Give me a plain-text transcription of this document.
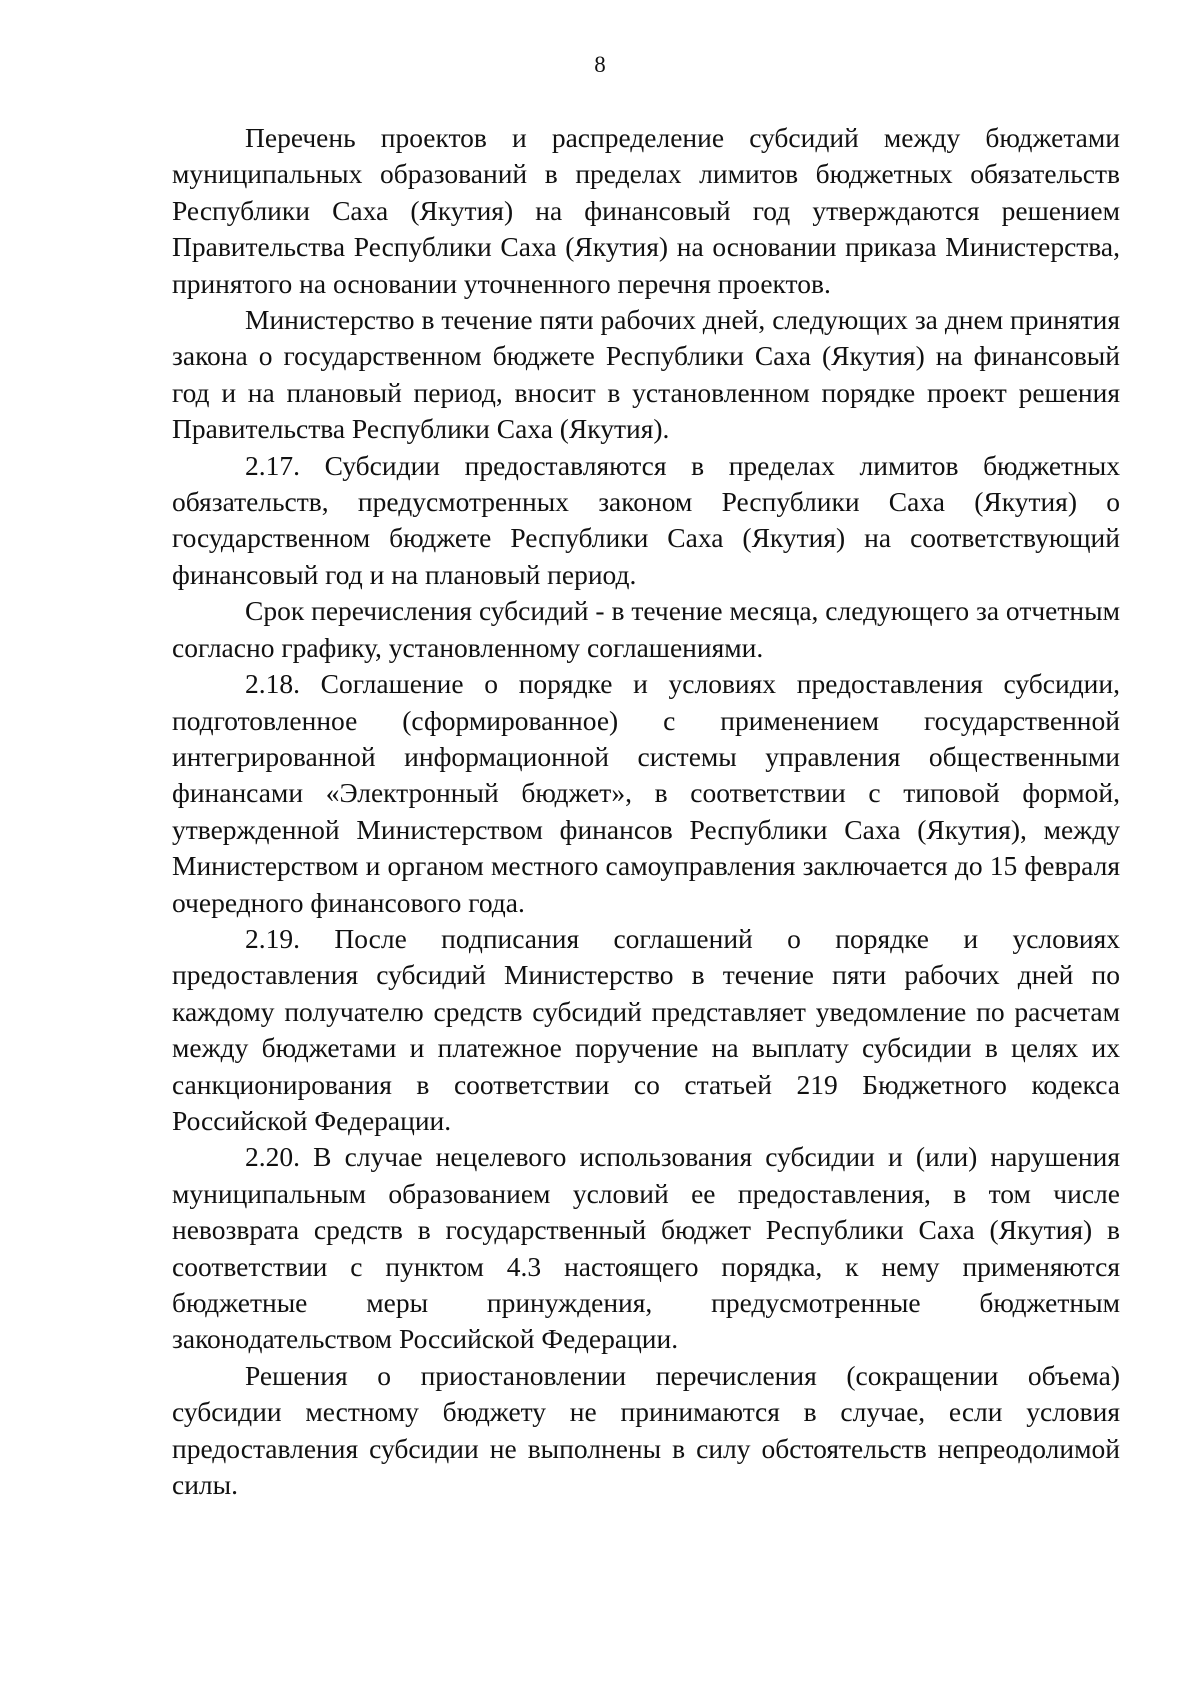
8

Перечень проектов и распределение субсидий между бюджетами муниципальных образований в пределах лимитов бюджетных обязательств Республики Саха (Якутия) на финансовый год утверждаются решением Правительства Республики Саха (Якутия) на основании приказа Министерства, принятого на основании уточненного перечня проектов.

Министерство в течение пяти рабочих дней, следующих за днем принятия закона о государственном бюджете Республики Саха (Якутия) на финансовый год и на плановый период, вносит в установленном порядке проект решения Правительства Республики Саха (Якутия).

2.17. Субсидии предоставляются в пределах лимитов бюджетных обязательств, предусмотренных законом Республики Саха (Якутия) о государственном бюджете Республики Саха (Якутия) на соответствующий финансовый год и на плановый период.

Срок перечисления субсидий - в течение месяца, следующего за отчетным согласно графику, установленному соглашениями.

2.18. Соглашение о порядке и условиях предоставления субсидии, подготовленное (сформированное) с применением государственной интегрированной информационной системы управления общественными финансами «Электронный бюджет», в соответствии с типовой формой, утвержденной Министерством финансов Республики Саха (Якутия), между Министерством и органом местного самоуправления заключается до 15 февраля очередного финансового года.

2.19. После подписания соглашений о порядке и условиях предоставления субсидий Министерство в течение пяти рабочих дней по каждому получателю средств субсидий представляет уведомление по расчетам между бюджетами и платежное поручение на выплату субсидии в целях их санкционирования в соответствии со статьей 219 Бюджетного кодекса Российской Федерации.

2.20. В случае нецелевого использования субсидии и (или) нарушения муниципальным образованием условий ее предоставления, в том числе невозврата средств в государственный бюджет Республики Саха (Якутия) в соответствии с пунктом 4.3 настоящего порядка, к нему применяются бюджетные меры принуждения, предусмотренные бюджетным законодательством Российской Федерации.

Решения о приостановлении перечисления (сокращении объема) субсидии местному бюджету не принимаются в случае, если условия предоставления субсидии не выполнены в силу обстоятельств непреодолимой силы.
